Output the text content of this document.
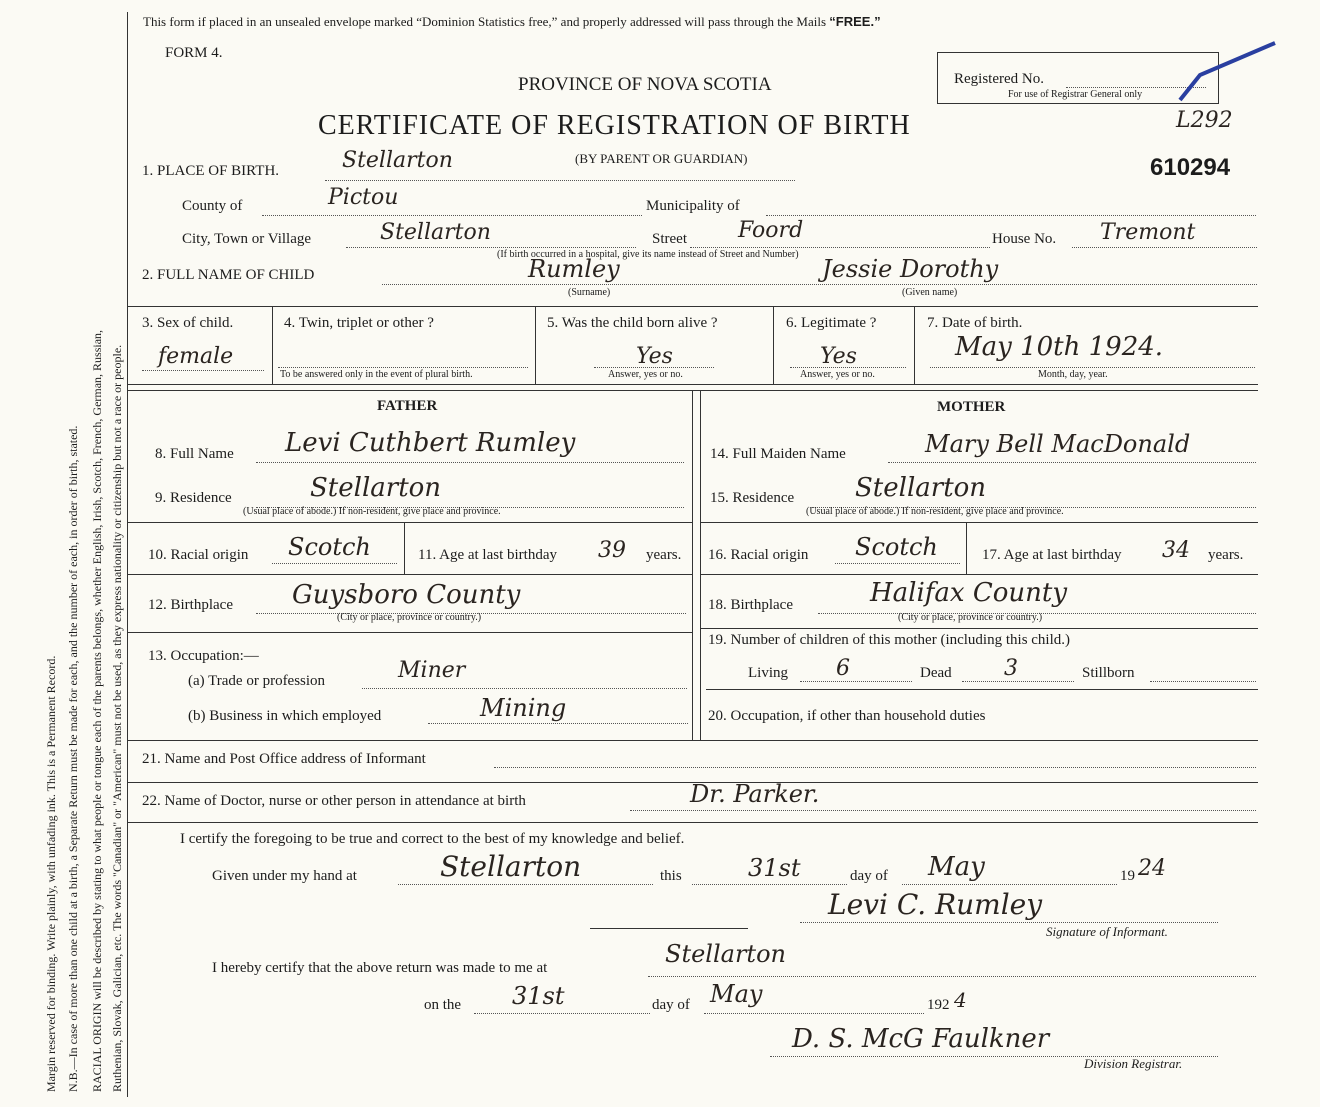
Margin reserved for binding. Write plainly, with unfading ink. This is a Permanent Record. N.B.—In case of more than one child at a birth, a Separate Return must be made for each, and the number of each, in order of birth, stated. RACIAL ORIGIN will be described by stating to what people or tongue each of the parents belongs, whether English, Irish, Scotch, French, German, Russian, Ruthenian, Slovak, Galician, etc. The words "Canadian" or "American" must not be used, as they express nationality or citizenship but not a race or people.
This form if placed in an unsealed envelope marked “Dominion Statistics free,” and properly addressed will pass through the Mails “FREE.”
FORM 4.
PROVINCE OF NOVA SCOTIA
CERTIFICATE OF REGISTRATION OF BIRTH
(BY PARENT OR GUARDIAN)
Registered No.
For use of Registrar General only
L292
610294
1. PLACE OF BIRTH.	Stellarton
County of	Pictou	Municipality of
City, Town or Village	Stellarton	Street Foord	House No. Tremont
(If birth occurred in a hospital, give its name instead of Street and Number)
2. FULL NAME OF CHILD	Rumley	Jessie Dorothy
(Surname)	(Given name)
3. Sex of child.
female
4. Twin, triplet or other ?
To be answered only in the event of plural birth.
5. Was the child born alive ?
Yes
Answer, yes or no.
6. Legitimate ?
Yes
Answer, yes or no.
7. Date of birth.
May 10th 1924.
Month, day, year.
FATHER	MOTHER
8. Full Name Levi Cuthbert Rumley
9. Residence	Stellarton
(Usual place of abode.) If non-resident, give place and province.
10. Racial origin Scotch	11. Age at last birthday 39 years.
12. Birthplace Guysboro County
(City or place, province or country.)
13. Occupation:—
(a) Trade or profession	Miner
(b) Business in which employed	Mining
14. Full Maiden Name	Mary Bell MacDonald
15. Residence Stellarton
(Usual place of abode.) If non-resident, give place and province.
16. Racial origin Scotch	17. Age at last birthday 34 years.
18. Birthplace	Halifax County
(City or place, province or country.)
19. Number of children of this mother (including this child.)
Living 6	Dead 3	Stillborn
20. Occupation, if other than household duties
21. Name and Post Office address of Informant
22. Name of Doctor, nurse or other person in attendance at birth	Dr. Parker.
I certify the foregoing to be true and correct to the best of my knowledge and belief.
Given under my hand at	Stellarton	this	31st	day of May	19 24
Levi C. Rumley
Signature of Informant.
I hereby certify that the above return was made to me at	Stellarton
on the 31st	day of May	192 4
D. S. McG Faulkner
Division Registrar.
